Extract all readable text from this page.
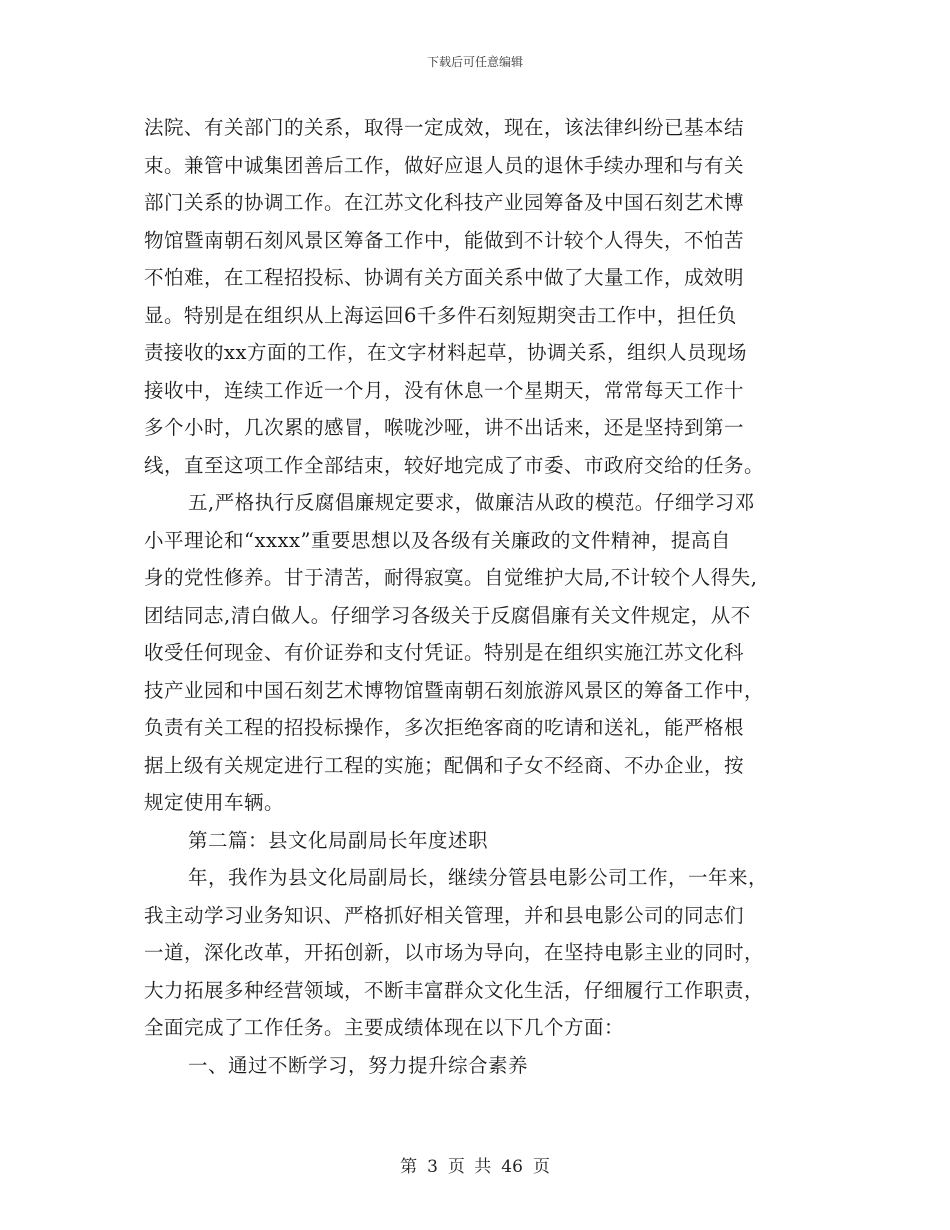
下载后可任意编辑
法院、有关部门的关系，取得一定成效，现在，该法律纠纷已基本结
束。兼管中诚集团善后工作，做好应退人员的退休手续办理和与有关
部门关系的协调工作。在江苏文化科技产业园筹备及中国石刻艺术博
物馆暨南朝石刻风景区筹备工作中，能做到不计较个人得失，不怕苦
不怕难，在工程招投标、协调有关方面关系中做了大量工作，成效明
显。特别是在组织从上海运回6千多件石刻短期突击工作中，担任负
责接收的xx方面的工作，在文字材料起草，协调关系，组织人员现场
接收中，连续工作近一个月，没有休息一个星期天，常常每天工作十
多个小时，几次累的感冒，喉咙沙哑，讲不出话来，还是坚持到第一
线，直至这项工作全部结束，较好地完成了市委、市政府交给的任务。
五,严格执行反腐倡廉规定要求，做廉洁从政的模范。仔细学习邓
小平理论和“xxxx”重要思想以及各级有关廉政的文件精神，提高自
身的党性修养。甘于清苦，耐得寂寞。自觉维护大局,不计较个人得失,
团结同志,清白做人。仔细学习各级关于反腐倡廉有关文件规定，从不
收受任何现金、有价证券和支付凭证。特别是在组织实施江苏文化科
技产业园和中国石刻艺术博物馆暨南朝石刻旅游风景区的筹备工作中，
负责有关工程的招投标操作，多次拒绝客商的吃请和送礼，能严格根
据上级有关规定进行工程的实施；配偶和子女不经商、不办企业，按
规定使用车辆。
第二篇：县文化局副局长年度述职
年，我作为县文化局副局长，继续分管县电影公司工作，一年来，
我主动学习业务知识、严格抓好相关管理，并和县电影公司的同志们
一道，深化改革，开拓创新，以市场为导向，在坚持电影主业的同时，
大力拓展多种经营领域，不断丰富群众文化生活，仔细履行工作职责，
全面完成了工作任务。主要成绩体现在以下几个方面：
一、通过不断学习，努力提升综合素养
第 3 页 共 46 页
